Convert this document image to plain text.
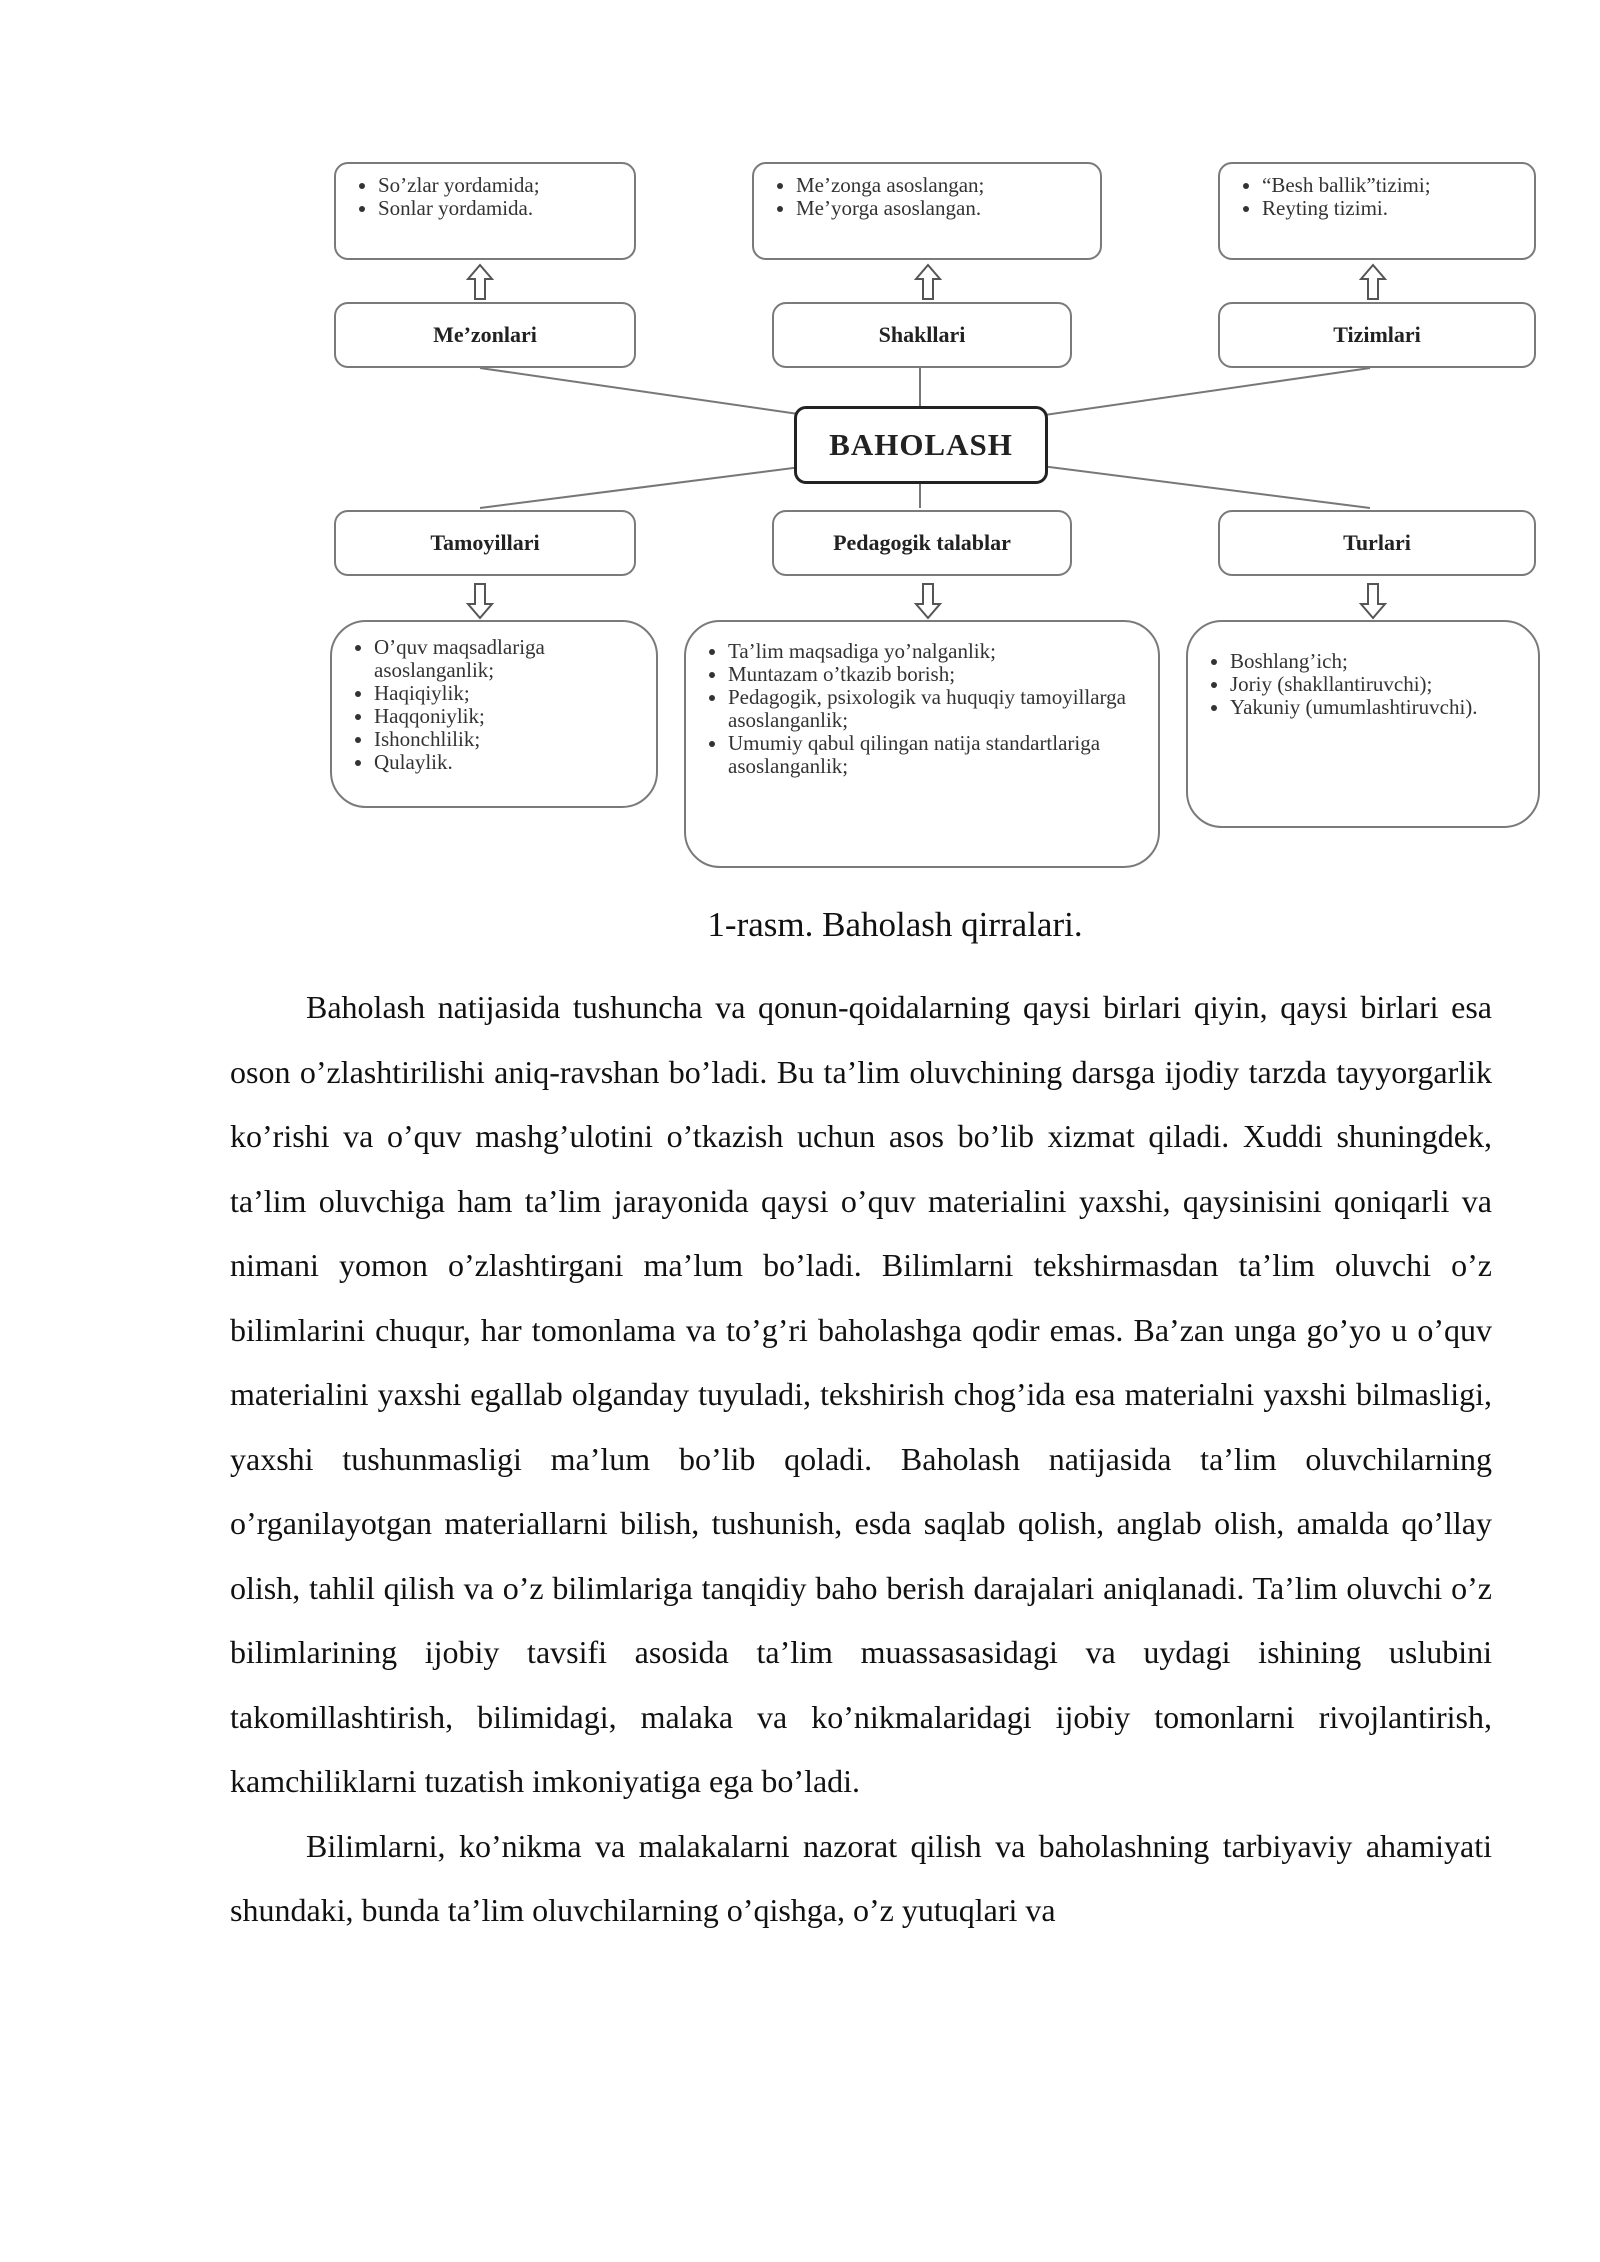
• So’zlar yordamida;
• Sonlar yordamida.
• Me’zonga asoslangan;
• Me’yorga asoslangan.
• “Besh ballik”tizimi;
• Reyting tizimi.
Me’zonlari	Shakllari	Tizimlari
BAHOLASH
Tamoyillari	Pedagogik talablar	Turlari
• O’quv maqsadlariga asoslanganlik;
• Haqiqiylik;
• Haqqoniylik;
• Ishonchlilik;
• Qulaylik.
• Ta’lim maqsadiga yo’nalganlik;
• Muntazam o’tkazib borish;
• Pedagogik, psixologik va huquqiy tamoyillarga asoslanganlik;
• Umumiy qabul qilingan natija standartlariga asoslanganlik;
• Boshlang’ich;
• Joriy (shakllantiruvchi);
• Yakuniy (umumlashtiruvchi).

1-rasm. Baholash qirralari.

Baholash natijasida tushuncha va qonun-qoidalarning qaysi birlari qiyin, qaysi birlari esa oson o’zlashtirilishi aniq-ravshan bo’ladi. Bu ta’lim oluvchining darsga ijodiy tarzda tayyorgarlik ko’rishi va o’quv mashg’ulotini o’tkazish uchun asos bo’lib xizmat qiladi. Xuddi shuningdek, ta’lim oluvchiga ham ta’lim jarayonida qaysi o’quv materialini yaxshi, qaysinisini qoniqarli va nimani yomon o’zlashtirgani ma’lum bo’ladi. Bilimlarni tekshirmasdan ta’lim oluvchi o’z bilimlarini chuqur, har tomonlama va to’g’ri baholashga qodir emas. Ba’zan unga go’yo u o’quv materialini yaxshi egallab olganday tuyuladi, tekshirish chog’ida esa materialni yaxshi bilmasligi, yaxshi tushunmasligi ma’lum bo’lib qoladi. Baholash natijasida ta’lim oluvchilarning o’rganilayotgan materiallarni bilish, tushunish, esda saqlab qolish, anglab olish, amalda qo’llay olish, tahlil qilish va o’z bilimlariga tanqidiy baho berish darajalari aniqlanadi. Ta’lim oluvchi o’z bilimlarining ijobiy tavsifi asosida ta’lim muassasasidagi va uydagi ishining uslubini takomillashtirish, bilimidagi, malaka va ko’nikmalaridagi ijobiy tomonlarni rivojlantirish, kamchiliklarni tuzatish imkoniyatiga ega bo’ladi.

Bilimlarni, ko’nikma va malakalarni nazorat qilish va baholashning tarbiyaviy ahamiyati shundaki, bunda ta’lim oluvchilarning o’qishga, o’z yutuqlari va
